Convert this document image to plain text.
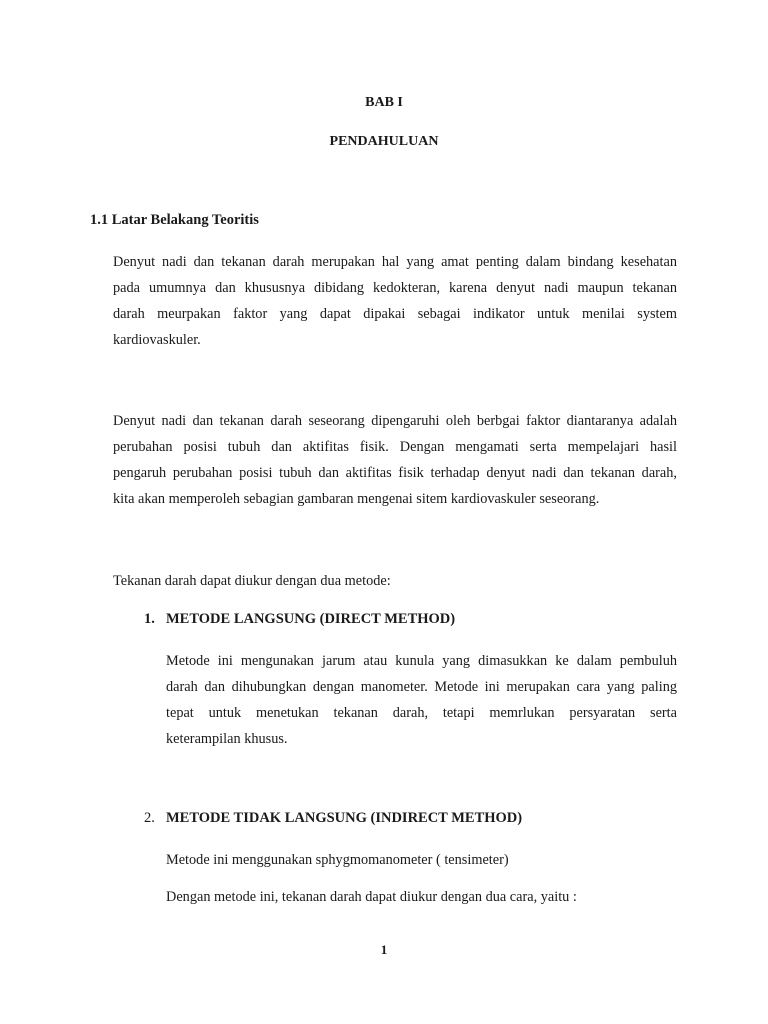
BAB I
PENDAHULUAN
1.1 Latar Belakang Teoritis
Denyut nadi dan tekanan darah merupakan hal yang amat penting dalam bindang kesehatan
pada umumnya dan khususnya dibidang kedokteran, karena denyut nadi maupun tekanan
darah meurpakan faktor yang dapat dipakai sebagai indikator untuk menilai system
kardiovaskuler.
Denyut nadi dan tekanan darah seseorang dipengaruhi oleh berbgai faktor diantaranya adalah
perubahan posisi tubuh dan aktifitas fisik. Dengan mengamati serta mempelajari hasil
pengaruh perubahan posisi tubuh dan aktifitas fisik terhadap denyut nadi dan tekanan darah,
kita akan memperoleh sebagian gambaran mengenai sitem kardiovaskuler seseorang.
Tekanan darah dapat diukur dengan dua metode:
1. METODE LANGSUNG (DIRECT METHOD)
Metode ini mengunakan jarum atau kunula yang dimasukkan ke dalam pembuluh
darah dan dihubungkan dengan manometer. Metode ini merupakan cara yang paling
tepat untuk menetukan tekanan darah, tetapi memrlukan persyaratan serta
keterampilan khusus.
2. METODE TIDAK LANGSUNG (INDIRECT METHOD)
Metode ini menggunakan sphygmomanometer ( tensimeter)
Dengan metode ini, tekanan darah dapat diukur dengan dua cara, yaitu :
1
